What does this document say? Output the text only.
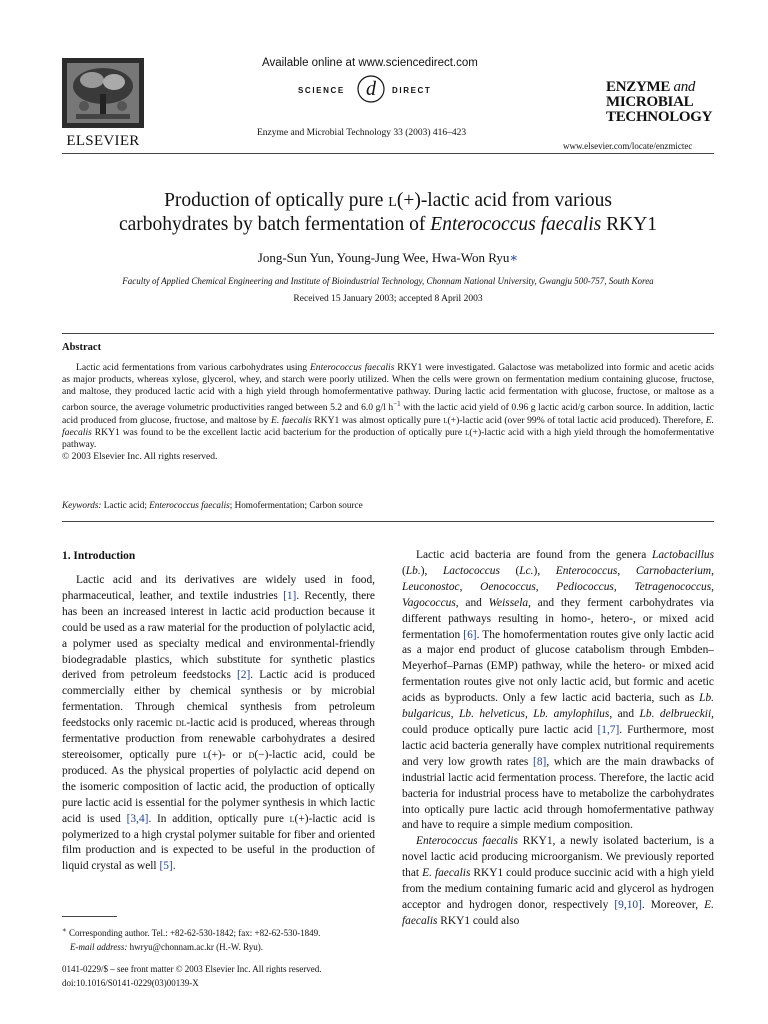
ELSEVIER
Available online at www.sciencedirect.com
SCIENCE d DIRECT
Enzyme and Microbial Technology 33 (2003) 416–423
ENZYME and
MICROBIAL
TECHNOLOGY
www.elsevier.com/locate/enzmictec
Production of optically pure l(+)-lactic acid from various
carbohydrates by batch fermentation of Enterococcus faecalis RKY1
Jong-Sun Yun, Young-Jung Wee, Hwa-Won Ryu∗
Faculty of Applied Chemical Engineering and Institute of Bioindustrial Technology, Chonnam National University, Gwangju 500-757, South Korea
Received 15 January 2003; accepted 8 April 2003
Abstract

Lactic acid fermentations from various carbohydrates using Enterococcus faecalis RKY1 were investigated. Galactose was metabolized into formic and acetic acids as major products, whereas xylose, glycerol, whey, and starch were poorly utilized. When the cells were grown on fermentation medium containing glucose, fructose, and maltose, they produced lactic acid with a high yield through homofermentative pathway. During lactic acid fermentation with glucose, fructose, or maltose as a carbon source, the average volumetric productivities ranged between 5.2 and 6.0 g/l $h^{-1}$ with the lactic acid yield of 0.96 g lactic acid/g carbon source. In addition, lactic acid produced from glucose, fructose, and maltose by E. faecalis RKY1 was almost optically pure l(+)-lactic acid (over 99% of total lactic acid produced). Therefore, E. faecalis RKY1 was found to be the excellent lactic acid bacterium for the production of optically pure l(+)-lactic acid with a high yield through the homofermentative pathway.

© 2003 Elsevier Inc. All rights reserved.
Keywords: Lactic acid; Enterococcus faecalis; Homofermentation; Carbon source
1. Introduction

Lactic acid and its derivatives are widely used in food, pharmaceutical, leather, and textile industries [1]. Recently, there has been an increased interest in lactic acid production because it could be used as a raw material for the production of polylactic acid, a polymer used as specialty medical and environmental-friendly biodegradable plastics, which substitute for synthetic plastics derived from petroleum feedstocks [2]. Lactic acid is produced commercially either by chemical synthesis or by microbial fermentation. Through chemical synthesis from petroleum feedstocks only racemic dl-lactic acid is produced, whereas through fermentative production from renewable carbohydrates a desired stereoisomer, optically pure l(+)- or d(−)-lactic acid, could be produced. As the physical properties of polylactic acid depend on the isomeric composition of lactic acid, the production of optically pure lactic acid is essential for the polymer synthesis in which lactic acid is used [3,4]. In addition, optically pure l(+)-lactic acid is polymerized to a high crystal polymer suitable for fiber and oriented film production and is expected to be useful in the production of liquid crystal as well [5].

Lactic acid bacteria are found from the genera Lactobacillus (Lb.), Lactococcus (Lc.), Enterococcus, Carnobacterium, Leuconostoc, Oenococcus, Pediococcus, Tetragenococcus, Vagococcus, and Weissela, and they ferment carbohydrates via different pathways resulting in homo-, hetero-, or mixed acid fermentation [6]. The homofermentation routes give only lactic acid as a major end product of glucose catabolism through Embden–Meyerhof–Parnas (EMP) pathway, while the hetero- or mixed acid fermentation routes give not only lactic acid, but formic and acetic acids as byproducts. Only a few lactic acid bacteria, such as Lb. bulgaricus, Lb. helveticus, Lb. amylophilus, and Lb. delbrueckii, could produce optically pure lactic acid [1,7]. Furthermore, most lactic acid bacteria generally have complex nutritional requirements and very low growth rates [8], which are the main drawbacks of industrial lactic acid fermentation process. Therefore, the lactic acid bacteria for industrial process have to metabolize the carbohydrates into optically pure lactic acid through homofermentative pathway and have to require a simple medium composition.

Enterococcus faecalis RKY1, a newly isolated bacterium, is a novel lactic acid producing microorganism. We previously reported that E. faecalis RKY1 could produce succinic acid with a high yield from the medium containing fumaric acid and glycerol as hydrogen acceptor and hydrogen donor, respectively [9,10]. Moreover, E. faecalis RKY1 could also

∗ Corresponding author. Tel.: +82-62-530-1842; fax: +82-62-530-1849.
E-mail address: hwryu@chonnam.ac.kr (H.-W. Ryu).
0141-0229/$ – see front matter © 2003 Elsevier Inc. All rights reserved.
doi:10.1016/S0141-0229(03)00139-X
